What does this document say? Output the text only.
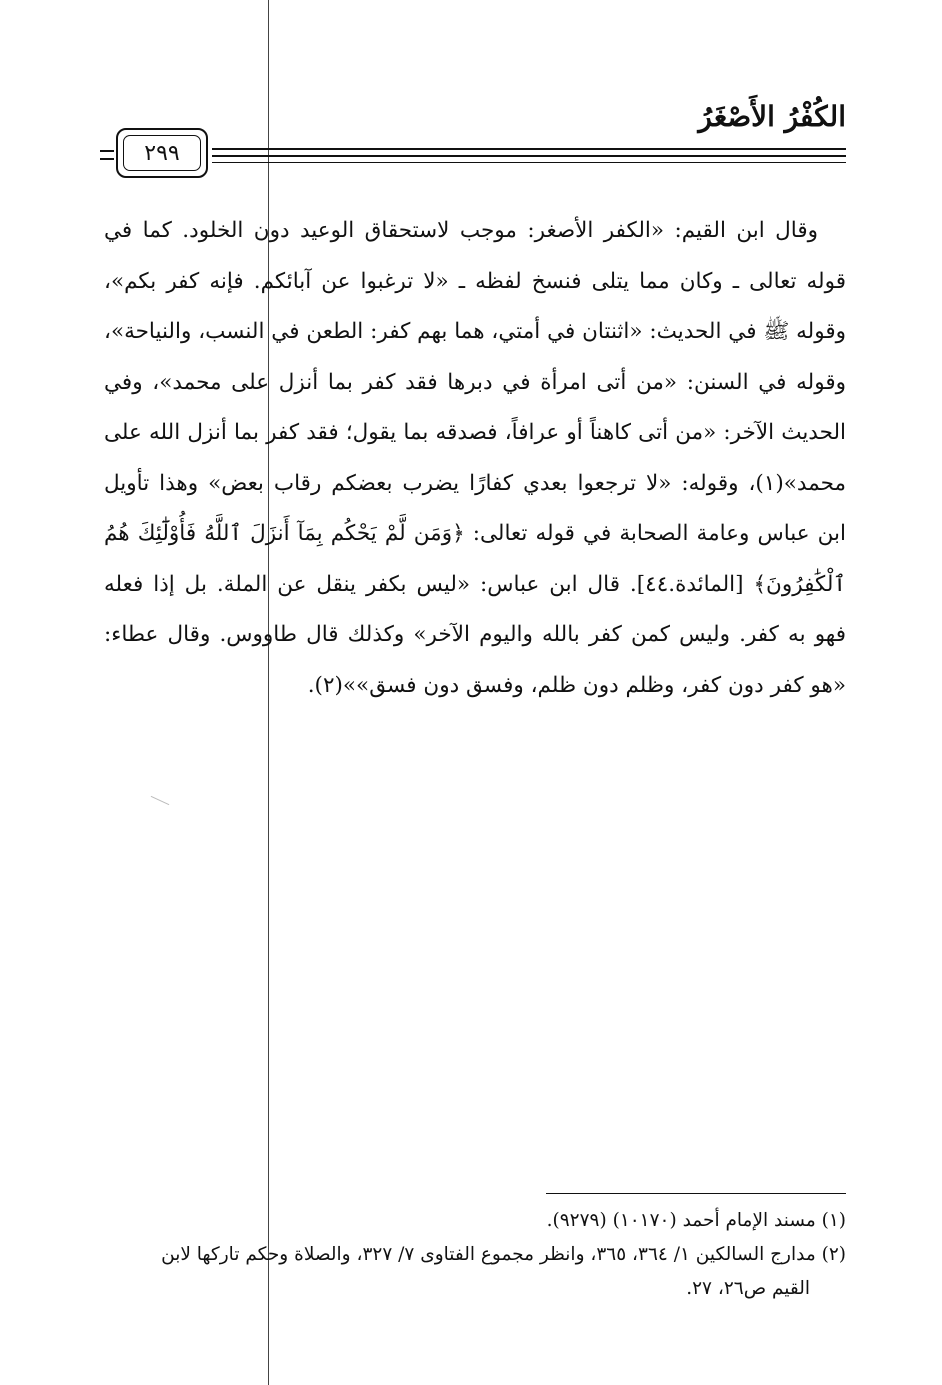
الكُفْرُ الأَصْغَرُ
٢٩٩

وقال ابن القيم: «الكفر الأصغر: موجب لاستحقاق الوعيد دون الخلود. كما في قوله تعالى ـ وكان مما يتلى فنسخ لفظه ـ «لا ترغبوا عن آبائكم. فإنه كفر بكم»، وقوله ﷺ في الحديث: «اثنتان في أمتي، هما بهم كفر: الطعن في النسب، والنياحة»، وقوله في السنن: «من أتى امرأة في دبرها فقد كفر بما أنزل على محمد»، وفي الحديث الآخر: «من أتى كاهناً أو عرافاً، فصدقه بما يقول؛ فقد كفر بما أنزل الله على محمد»(١)، وقوله: «لا ترجعوا بعدي كفارًا يضرب بعضكم رقاب بعض» وهذا تأويل ابن عباس وعامة الصحابة في قوله تعالى: ﴿وَمَن لَّمْ يَحْكُم بِمَآ أَنزَلَ ٱللَّهُ فَأُوْلَٰٓئِكَ هُمُ ٱلْكَٰفِرُونَ﴾ [المائدة.٤٤]. قال ابن عباس: «ليس بكفر ينقل عن الملة. بل إذا فعله فهو به كفر. وليس كمن كفر بالله واليوم الآخر» وكذلك قال طاووس. وقال عطاء: «هو كفر دون كفر، وظلم دون ظلم، وفسق دون فسق»»(٢).

(١) مسند الإمام أحمد (١٠١٧٠) (٩٢٧٩).

(٢) مدارج السالكين ١/ ٣٦٤، ٣٦٥، وانظر مجموع الفتاوى ٧/ ٣٢٧، والصلاة وحكم تاركها لابن

القيم ص٢٦، ٢٧.
